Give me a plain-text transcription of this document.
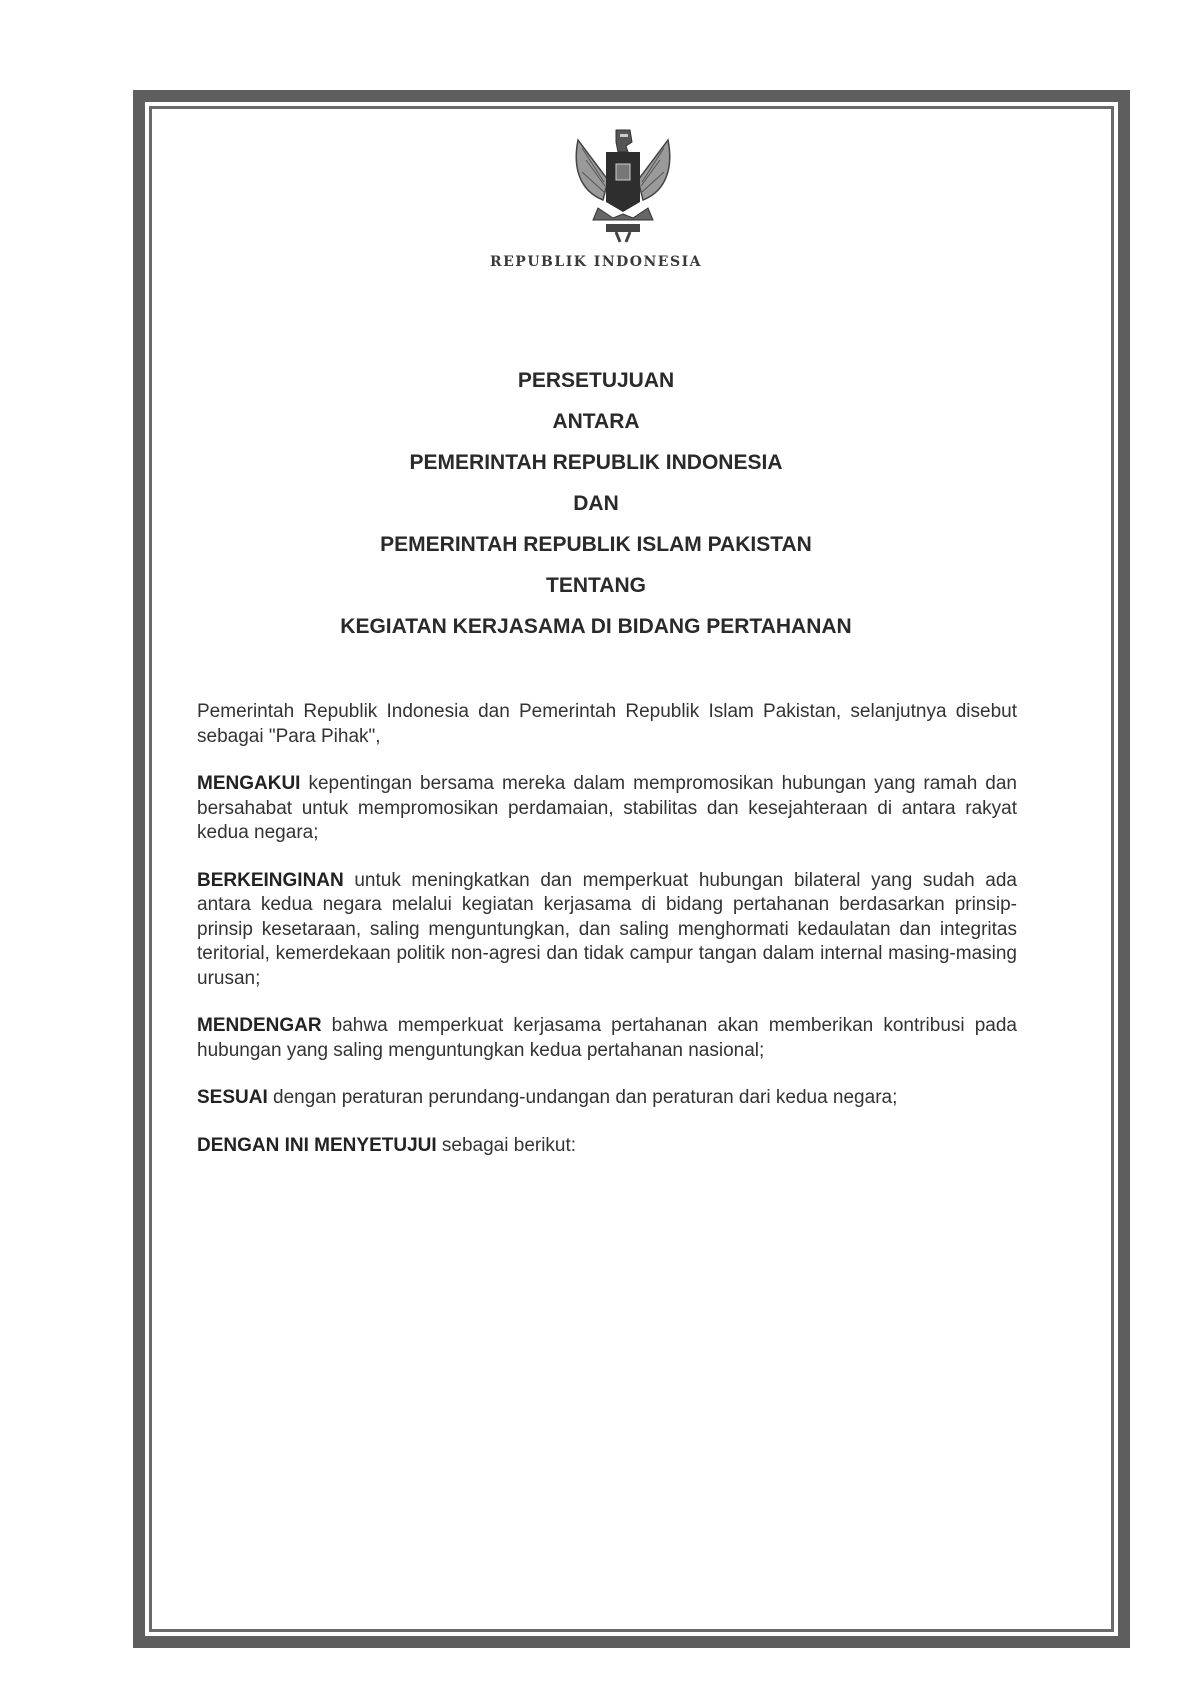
REPUBLIK INDONESIA
PERSETUJUAN
ANTARA
PEMERINTAH REPUBLIK INDONESIA
DAN
PEMERINTAH REPUBLIK ISLAM PAKISTAN
TENTANG
KEGIATAN KERJASAMA DI BIDANG PERTAHANAN

Pemerintah Republik Indonesia dan Pemerintah Republik Islam Pakistan, selanjutnya disebut sebagai "Para Pihak",

MENGAKUI kepentingan bersama mereka dalam mempromosikan hubungan yang ramah dan bersahabat untuk mempromosikan perdamaian, stabilitas dan kesejahteraan di antara rakyat kedua negara;

BERKEINGINAN untuk meningkatkan dan memperkuat hubungan bilateral yang sudah ada antara kedua negara melalui kegiatan kerjasama di bidang pertahanan berdasarkan prinsip-prinsip kesetaraan, saling menguntungkan, dan saling menghormati kedaulatan dan integritas teritorial, kemerdekaan politik non-agresi dan tidak campur tangan dalam internal masing-masing urusan;

MENDENGAR bahwa memperkuat kerjasama pertahanan akan memberikan kontribusi pada hubungan yang saling menguntungkan kedua pertahanan nasional;

SESUAI dengan peraturan perundang-undangan dan peraturan dari kedua negara;

DENGAN INI MENYETUJUI sebagai berikut:
